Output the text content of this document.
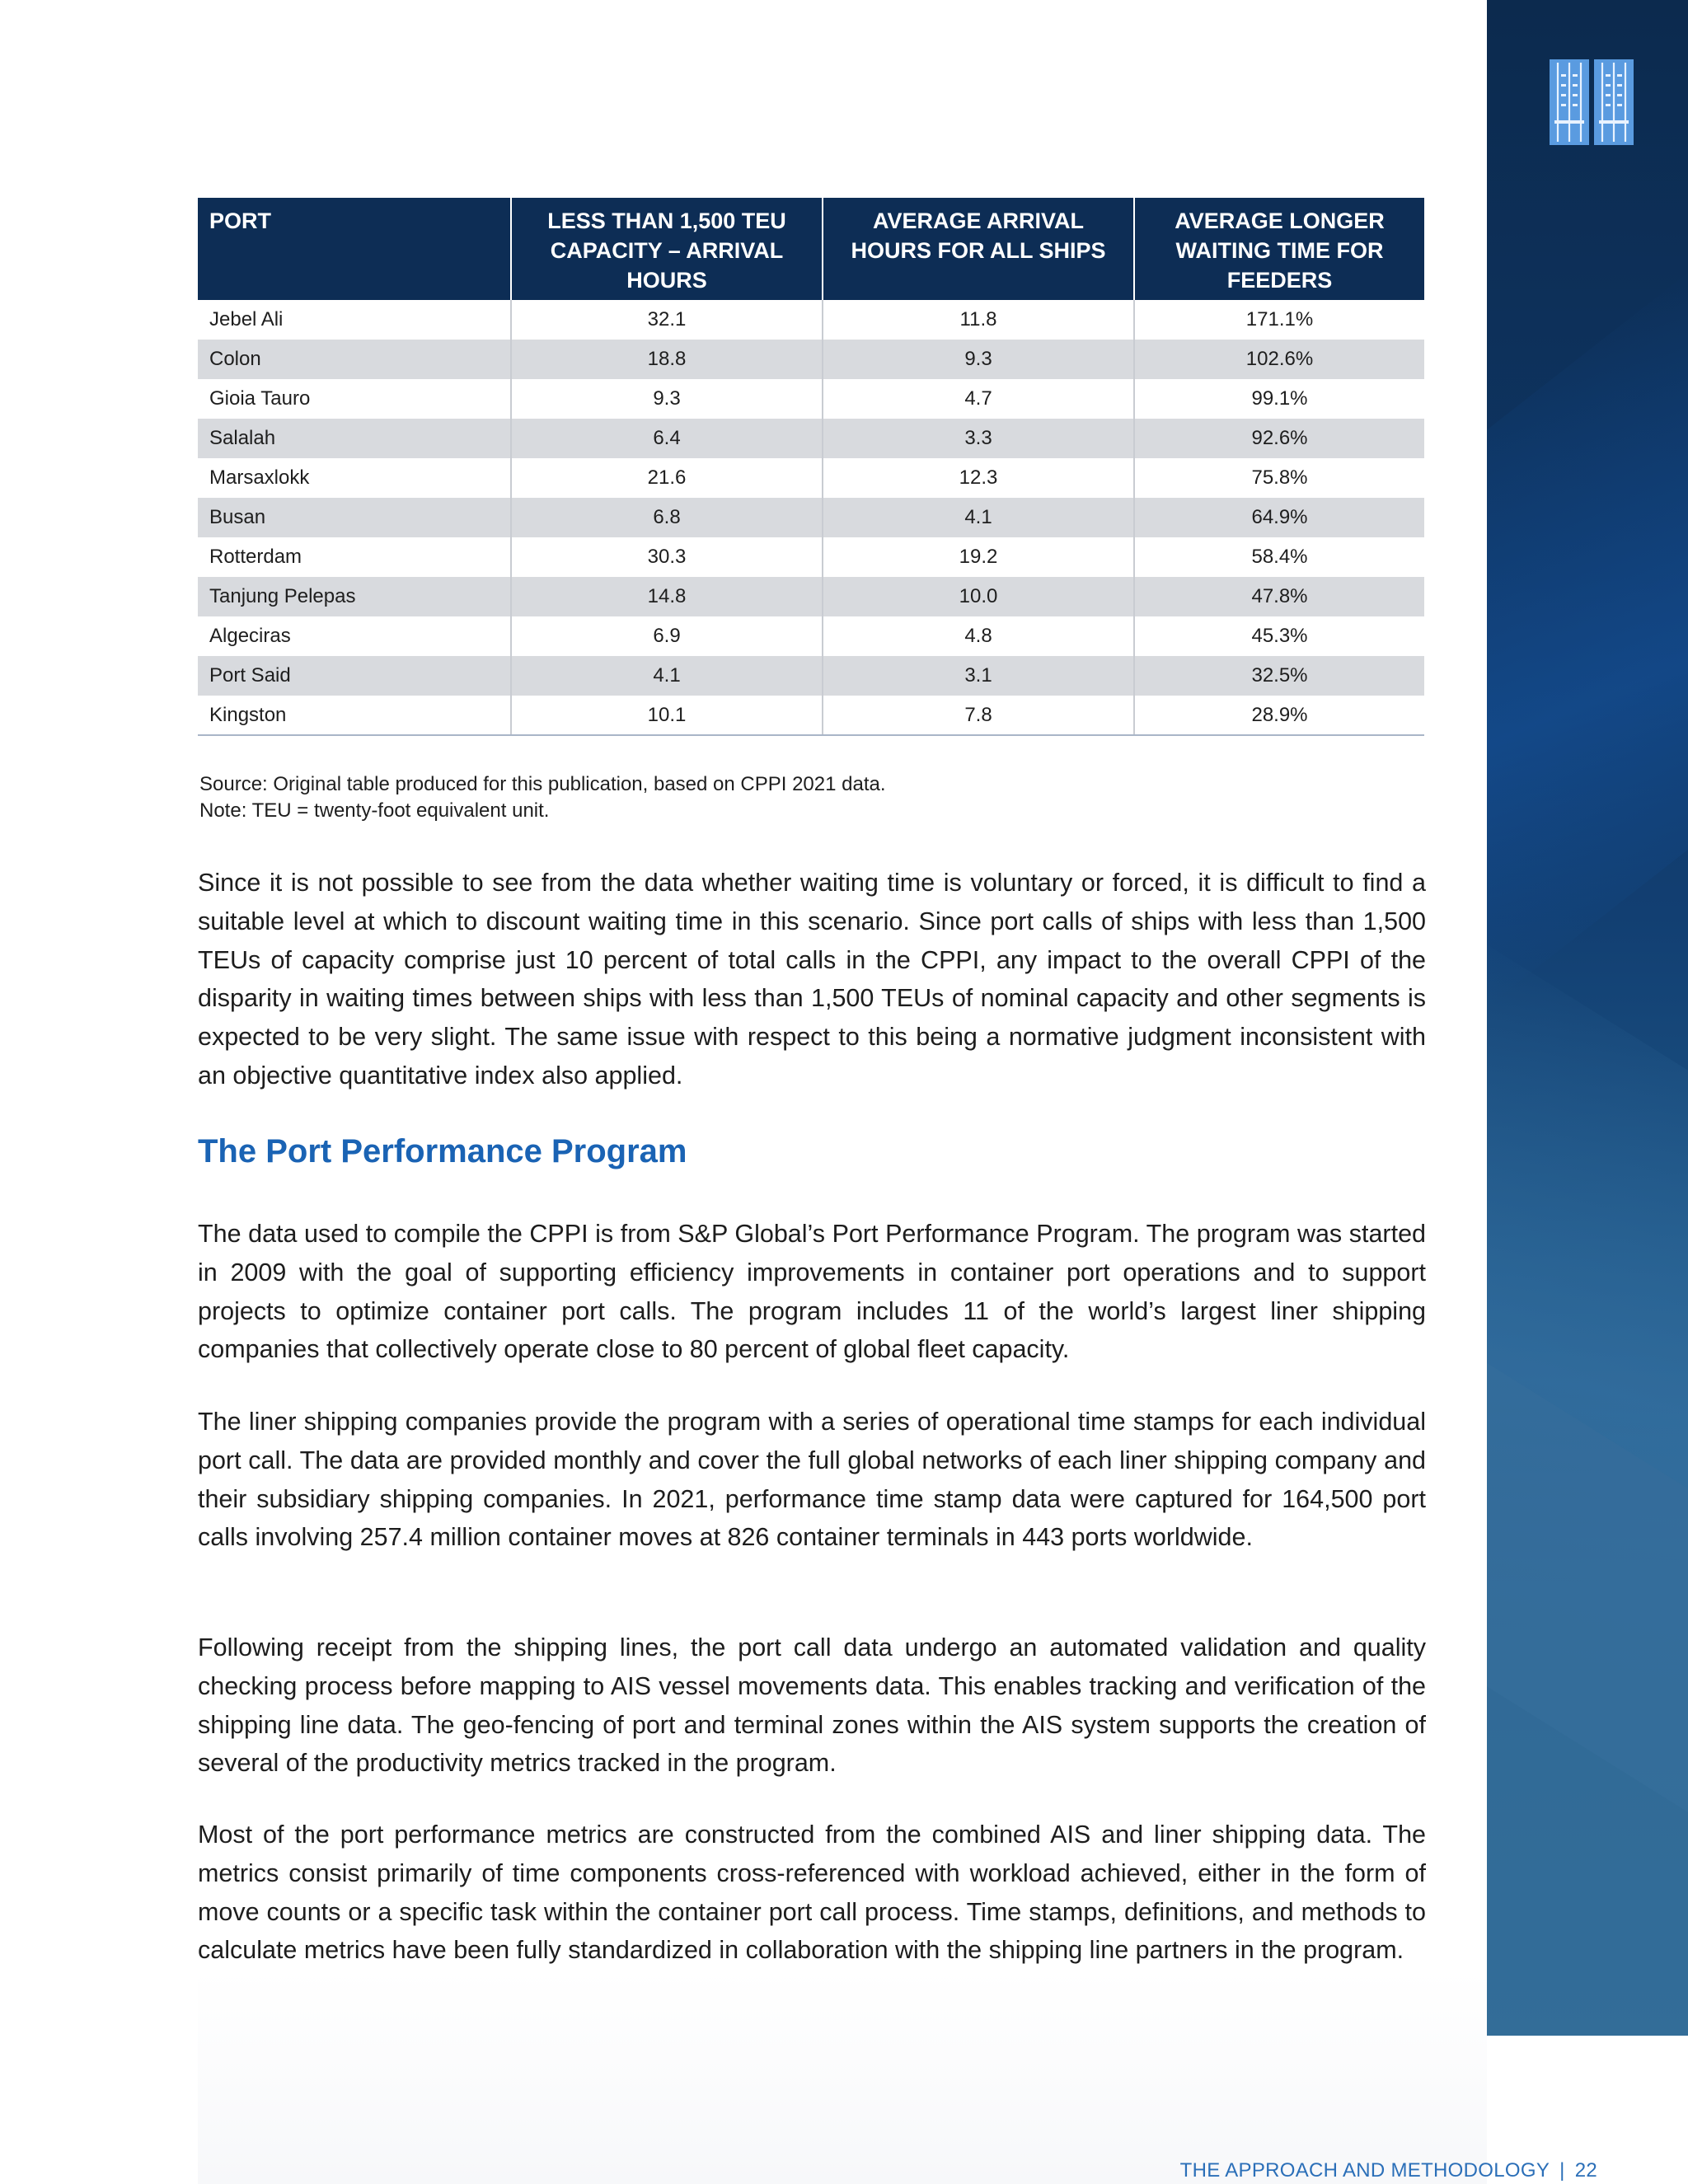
PORT	LESS THAN 1,500 TEU CAPACITY – ARRIVAL HOURS	AVERAGE ARRIVAL HOURS FOR ALL SHIPS	AVERAGE LONGER WAITING TIME FOR FEEDERS
Jebel Ali	32.1	11.8	171.1%
Colon	18.8	9.3	102.6%
Gioia Tauro	9.3	4.7	99.1%
Salalah	6.4	3.3	92.6%
Marsaxlokk	21.6	12.3	75.8%
Busan	6.8	4.1	64.9%
Rotterdam	30.3	19.2	58.4%
Tanjung Pelepas	14.8	10.0	47.8%
Algeciras	6.9	4.8	45.3%
Port Said	4.1	3.1	32.5%
Kingston	10.1	7.8	28.9%
Source: Original table produced for this publication, based on CPPI 2021 data.
Note: TEU = twenty-foot equivalent unit.

Since it is not possible to see from the data whether waiting time is voluntary or forced, it is difficult to find a suitable level at which to discount waiting time in this scenario. Since port calls of ships with less than 1,500 TEUs of capacity comprise just 10 percent of total calls in the CPPI, any impact to the overall CPPI of the disparity in waiting times between ships with less than 1,500 TEUs of nominal capacity and other segments is expected to be very slight. The same issue with respect to this being a normative judgment inconsistent with an objective quantitative index also applied.

The Port Performance Program

The data used to compile the CPPI is from S&P Global’s Port Performance Program. The program was started in 2009 with the goal of supporting efficiency improvements in container port operations and to support projects to optimize container port calls. The program includes 11 of the world’s largest liner shipping companies that collectively operate close to 80 percent of global fleet capacity.

The liner shipping companies provide the program with a series of operational time stamps for each individual port call. The data are provided monthly and cover the full global networks of each liner shipping company and their subsidiary shipping companies. In 2021, performance time stamp data were captured for 164,500 port calls involving 257.4 million container moves at 826 container terminals in 443 ports worldwide.

Following receipt from the shipping lines, the port call data undergo an automated validation and quality checking process before mapping to AIS vessel movements data. This enables tracking and verification of the shipping line data. The geo-fencing of port and terminal zones within the AIS system supports the creation of several of the productivity metrics tracked in the program.

Most of the port performance metrics are constructed from the combined AIS and liner shipping data. The metrics consist primarily of time components cross-referenced with workload achieved, either in the form of move counts or a specific task within the container port call process. Time stamps, definitions, and methods to calculate metrics have been fully standardized in collaboration with the shipping line partners in the program.

THE APPROACH AND METHODOLOGY | 22
